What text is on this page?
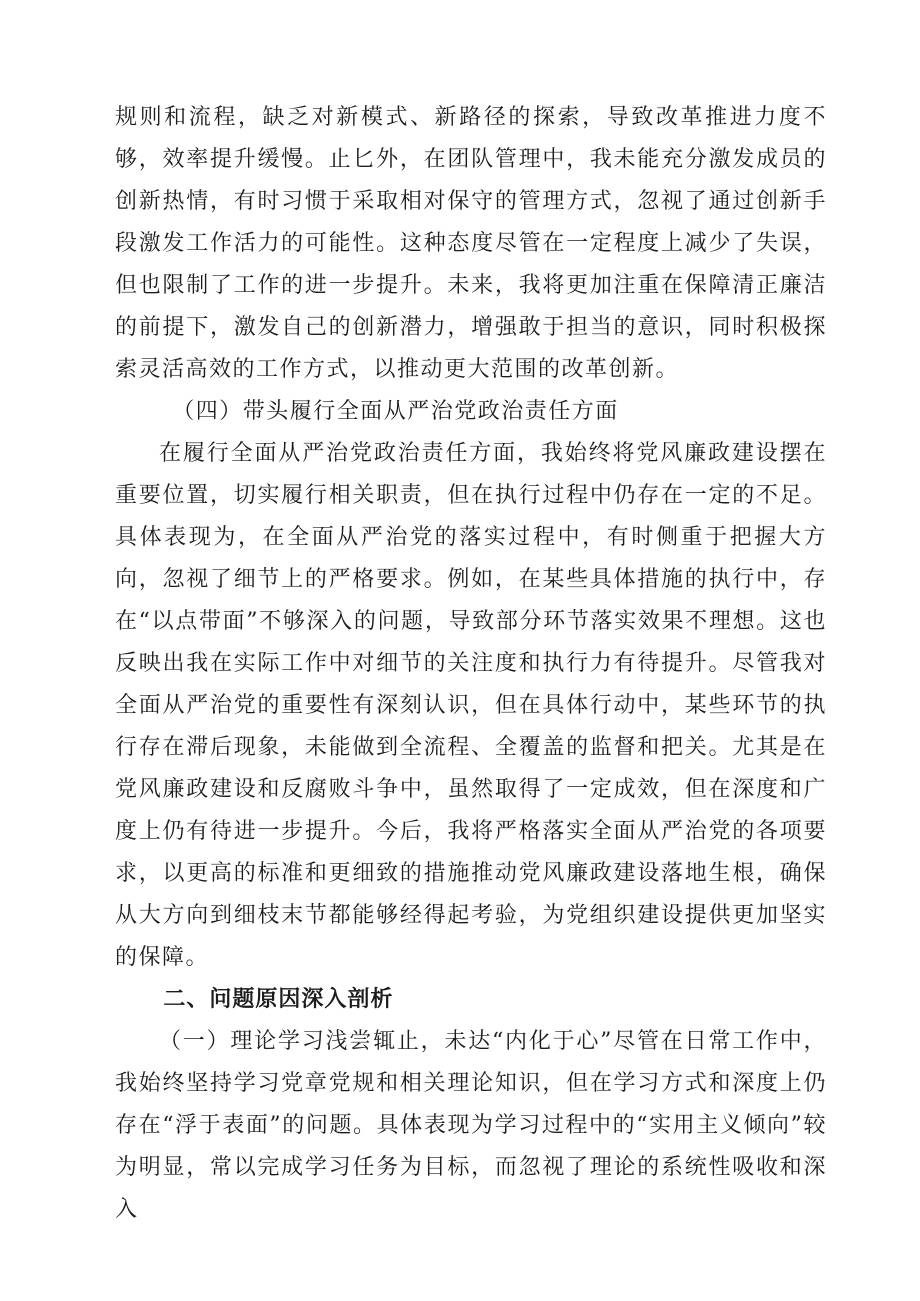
规则和流程，缺乏对新模式、新路径的探索，导致改革推进力度不够，效率提升缓慢。止匕外，在团队管理中，我未能充分激发成员的创新热情，有时习惯于采取相对保守的管理方式，忽视了通过创新手段激发工作活力的可能性。这种态度尽管在一定程度上减少了失误，但也限制了工作的进一步提升。未来，我将更加注重在保障清正廉洁的前提下，激发自己的创新潜力，增强敢于担当的意识，同时积极探索灵活高效的工作方式，以推动更大范围的改革创新。

（四）带头履行全面从严治党政治责任方面

在履行全面从严治党政治责任方面，我始终将党风廉政建设摆在重要位置，切实履行相关职责，但在执行过程中仍存在一定的不足。具体表现为，在全面从严治党的落实过程中，有时侧重于把握大方向，忽视了细节上的严格要求。例如，在某些具体措施的执行中，存在“以点带面”不够深入的问题，导致部分环节落实效果不理想。这也反映出我在实际工作中对细节的关注度和执行力有待提升。尽管我对全面从严治党的重要性有深刻认识，但在具体行动中，某些环节的执行存在滞后现象，未能做到全流程、全覆盖的监督和把关。尤其是在党风廉政建设和反腐败斗争中，虽然取得了一定成效，但在深度和广度上仍有待进一步提升。今后，我将严格落实全面从严治党的各项要求，以更高的标准和更细致的措施推动党风廉政建设落地生根，确保从大方向到细枝末节都能够经得起考验，为党组织建设提供更加坚实的保障。

二、问题原因深入剖析

（一）理论学习浅尝辄止，未达“内化于心”尽管在日常工作中，我始终坚持学习党章党规和相关理论知识，但在学习方式和深度上仍存在“浮于表面”的问题。具体表现为学习过程中的“实用主义倾向”较为明显，常以完成学习任务为目标，而忽视了理论的系统性吸收和深入
